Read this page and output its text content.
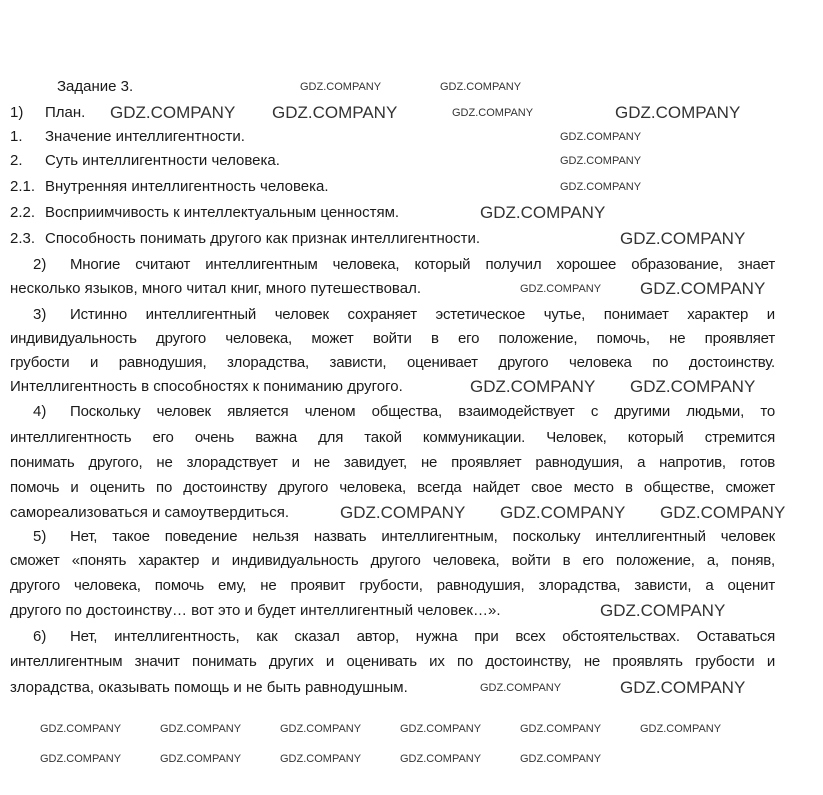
Задание 3.
1) План.
1. Значение интеллигентности.
2. Суть интеллигентности человека.
2.1. Внутренняя интеллигентность человека.
2.2. Восприимчивость к интеллектуальным ценностям.
2.3. Способность понимать другого как признак интеллигентности.
2) Многие считают интеллигентным человека, который получил хорошее образование, знает
несколько языков, много читал книг, много путешествовал.
3) Истинно интеллигентный человек сохраняет эстетическое чутье, понимает характер и
индивидуальность другого человека, может войти в его положение, помочь, не проявляет
грубости и равнодушия, злорадства, зависти, оценивает другого человека по достоинству.
Интеллигентность в способностях к пониманию другого.
4) Поскольку человек является членом общества, взаимодействует с другими людьми, то
интеллигентность его очень важна для такой коммуникации. Человек, который стремится
понимать другого, не злорадствует и не завидует, не проявляет равнодушия, а напротив, готов
помочь и оценить по достоинству другого человека, всегда найдет свое место в обществе, сможет
самореализоваться и самоутвердиться.
5) Нет, такое поведение нельзя назвать интеллигентным, поскольку интеллигентный человек
сможет «понять характер и индивидуальность другого человека, войти в его положение, а, поняв,
другого человека, помочь ему, не проявит грубости, равнодушия, злорадства, зависти, а оценит
другого по достоинству… вот это и будет интеллигентный человек…».
6) Нет, интеллигентность, как сказал автор, нужна при всех обстоятельствах. Оставаться
интеллигентным значит понимать других и оценивать их по достоинству, не проявлять грубости и
злорадства, оказывать помощь и не быть равнодушным.
GDZ.COMPANY GDZ.COMPANY	GDZ.COMPANY	GDZ.COMPANY
GDZ.COMPANY	GDZ.COMPANY
GDZ.COMPANY
GDZ.COMPANY
GDZ.COMPANY
GDZ.COMPANY
GDZ.COMPANY
GDZ.COMPANY GDZ.COMPANY
GDZ.COMPANY GDZ.COMPANY
GDZ.COMPANY GDZ.COMPANY GDZ.COMPANY
GDZ.COMPANY
GDZ.COMPANY	GDZ.COMPANY
GDZ.COMPANY	GDZ.COMPANY	GDZ.COMPANY	GDZ.COMPANY	GDZ.COMPANY	GDZ.COMPANY
GDZ.COMPANY	GDZ.COMPANY	GDZ.COMPANY	GDZ.COMPANY	GDZ.COMPANY
